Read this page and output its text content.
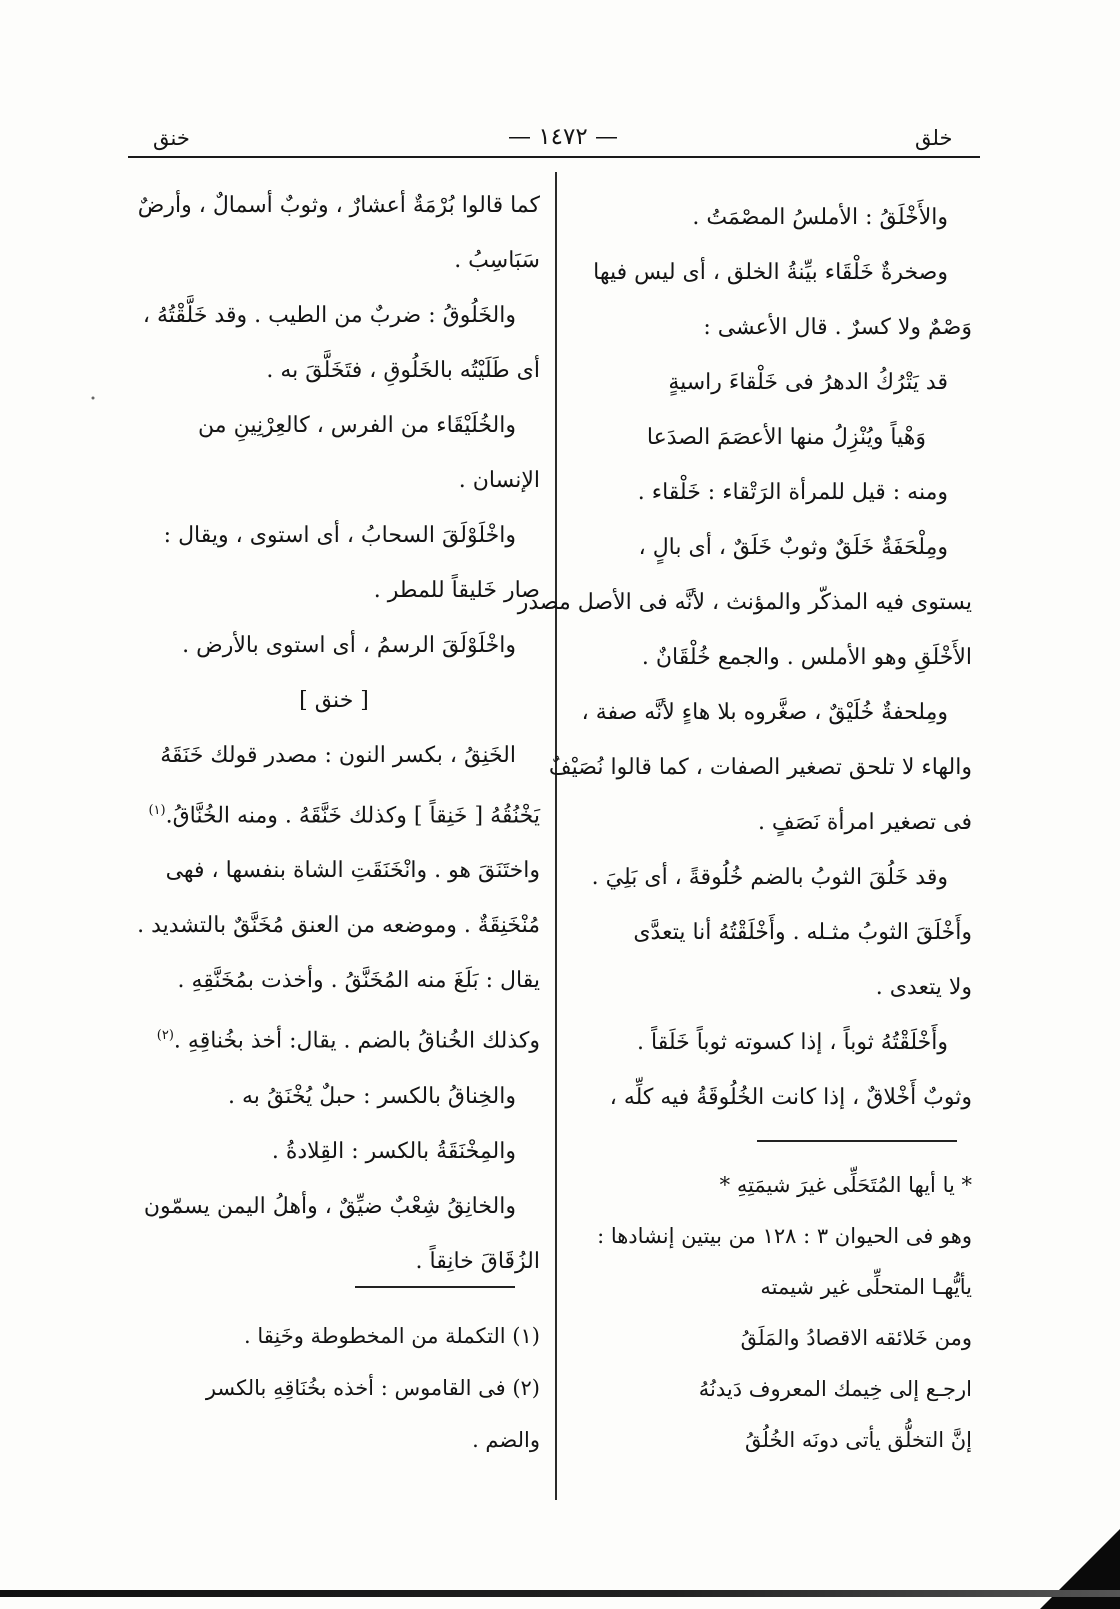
خنق	— ١٤٧٢ —	خلق

والأَخْلَقُ : الأملسُ المصْمَتُ .

وصخرةٌ خَلْقَاء بيِّنةُ الخلق ، أى ليس فيها

وَصْمٌ ولا كسرٌ . قال الأعشى :

قد يَتْرُكُ الدهرُ فى خَلْقاءَ راسيةٍ

وَهْياً ويُنْزِلُ منها الأعصَمَ الصدَعا

ومنه : قيل للمرأة الرَتْقاء : خَلْقاء .

ومِلْحَفَةٌ خَلَقٌ وثوبٌ خَلَقٌ ، أى بالٍ ،

يستوى فيه المذكّر والمؤنث ، لأنَّه فى الأصل مصدر

الأَخْلَقِ وهو الأملس . والجمع خُلْقَانٌ .

ومِلحفةٌ خُلَيْقٌ ، صغَّروه بلا هاءٍ لأنَّه صفة ،

والهاء لا تلحق تصغير الصفات ، كما قالوا نُصَيْفٌ

فى تصغير امرأة نَصَفٍ .

وقد خَلُقَ الثوبُ بالضم خُلُوقةً ، أى بَلِيَ .

وأَخْلَقَ الثوبُ مثـله . وأَخْلَقْتُهُ أنا يتعدَّى

ولا يتعدى .

وأَخْلَقْتُهُ ثوباً ، إذا كسوته ثوباً خَلَقاً .

وثوبٌ أَخْلاقٌ ، إذا كانت الخُلُوقَةُ فيه كلِّه ،

* يا أيها المُتَحَلِّى غيرَ شيمَتِهِ *

وهو فى الحيوان ٣ : ١٢٨ من بيتين إنشادها :

يأيُّهـا المتحلِّى غير شيمته

ومن خَلائقه الاقصادُ والمَلَقُ

ارجـع إلى خِيمك المعروف دَيدنُهُ

إنَّ التخلُّق يأتى دونَه الخُلُقُ

كما قالوا بُرْمَةٌ أعشارٌ ، وثوبٌ أسمالٌ ، وأرضٌ

سَبَاسِبُ .

والخَلُوقُ : ضربٌ من الطيب . وقد خَلَّقْتُهُ ،

أى طَلَيْتُه بالخَلُوقِ ، فتَخَلَّقَ به .

والخُلَيْقَاء من الفرس ، كالعِرْنِينِ من

الإنسان .

واخْلَوْلَقَ السحابُ ، أى استوى ، ويقال :

صار خَليقاً للمطر .

واخْلَوْلَقَ الرسمُ ، أى استوى بالأرض .

[ خنق ]

الخَنِقُ ، بكسر النون : مصدر قولك خَنَقَهُ

يَخْنُقُهُ [ خَنِقاً ] وكذلك خَنَّقَهُ . ومنه الخُنَّاقُ.$^{(١)}$

واختَنَقَ هو . وانْخَنَقَتِ الشاة بنفسها ، فهى

مُنْخَنِقَةٌ . وموضعه من العنق مُخَنَّقٌ بالتشديد .

يقال : بَلَغَ منه المُخَنَّقُ . وأخذت بمُخَنَّقِهِ .

وكذلك الخُناقُ بالضم . يقال: أخذ بخُناقِهِ .$^{(٢)}$

والخِناقُ بالكسر : حبلٌ يُخْنَقُ به .

والمِخْنَقَةُ بالكسر : القِلادةُ .

والخانِقُ شِعْبٌ ضيِّقٌ ، وأهلُ اليمن يسمّون

الزُقَاقَ خانِقاً .

(١) التكملة من المخطوطة وخَنِقا .

(٢) فى القاموس : أخذه بخُنَاقِهِ بالكسر

والضم .
